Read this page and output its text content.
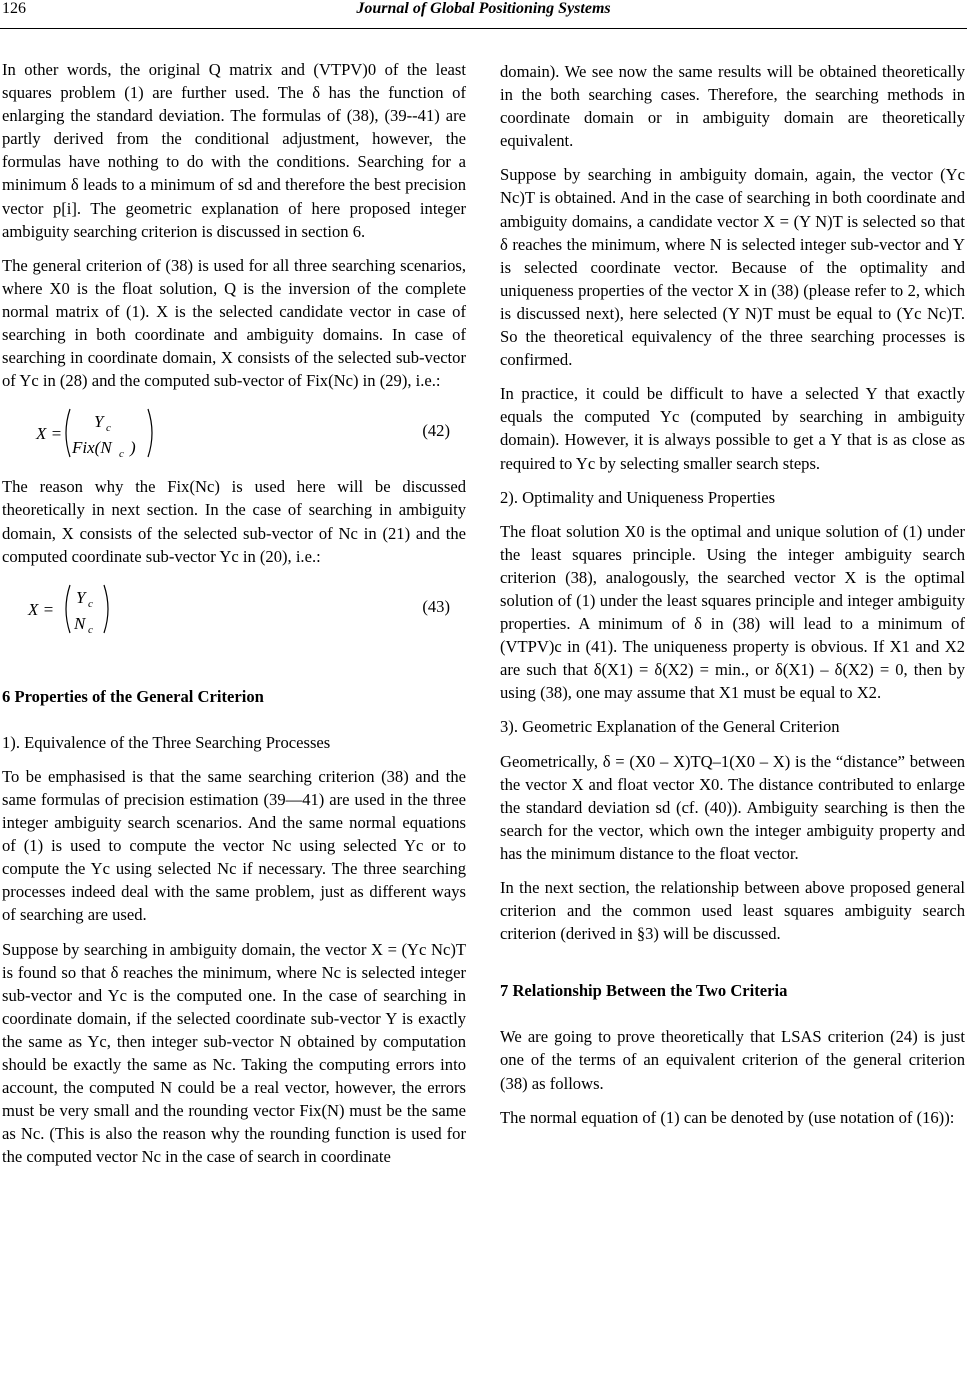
126	Journal of Global Positioning Systems

In other words, the original Q matrix and (VTPV)0 of the least squares problem (1) are further used. The δ has the function of enlarging the standard deviation. The formulas of (38), (39--41) are partly derived from the conditional adjustment, however, the formulas have nothing to do with the conditions. Searching for a minimum δ leads to a minimum of sd and therefore the best precision vector p[i]. The geometric explanation of here proposed integer ambiguity searching criterion is discussed in section 6.

The general criterion of (38) is used for all three searching scenarios, where X0 is the float solution, Q is the inversion of the complete normal matrix of (1). X is the selected candidate vector in case of searching in both coordinate and ambiguity domains. In case of searching in coordinate domain, X consists of the selected sub-vector of Yc in (28) and the computed sub-vector of Fix(Nc) in (29), i.e.:

X =
Y c
Fix(N c )
(42)

The reason why the Fix(Nc) is used here will be discussed theoretically in next section. In the case of searching in ambiguity domain, X consists of the selected sub-vector of Nc in (21) and the computed coordinate sub-vector Yc in (20), i.e.:

X =
Y c
N c
(43)
6 Properties of the General Criterion

1). Equivalence of the Three Searching Processes

To be emphasised is that the same searching criterion (38) and the same formulas of precision estimation (39—41) are used in the three integer ambiguity search scenarios. And the same normal equations of (1) is used to compute the vector Nc using selected Yc or to compute the Yc using selected Nc if necessary. The three searching processes indeed deal with the same problem, just as different ways of searching are used.

Suppose by searching in ambiguity domain, the vector X = (Yc Nc)T is found so that δ reaches the minimum, where Nc is selected integer sub-vector and Yc is the computed one. In the case of searching in coordinate domain, if the selected coordinate sub-vector Y is exactly the same as Yc, then integer sub-vector N obtained by computation should be exactly the same as Nc. Taking the computing errors into account, the computed N could be a real vector, however, the errors must be very small and the rounding vector Fix(N) must be the same as Nc. (This is also the reason why the rounding function is used for the computed vector Nc in the case of search in coordinate

domain). We see now the same results will be obtained theoretically in the both searching cases. Therefore, the searching methods in coordinate domain or in ambiguity domain are theoretically equivalent.

Suppose by searching in ambiguity domain, again, the vector (Yc Nc)T is obtained. And in the case of searching in both coordinate and ambiguity domains, a candidate vector X = (Y N)T is selected so that δ reaches the minimum, where N is selected integer sub-vector and Y is selected coordinate vector. Because of the optimality and uniqueness properties of the vector X in (38) (please refer to 2, which is discussed next), here selected (Y N)T must be equal to (Yc Nc)T. So the theoretical equivalency of the three searching processes is confirmed.

In practice, it could be difficult to have a selected Y that exactly equals the computed Yc (computed by searching in ambiguity domain). However, it is always possible to get a Y that is as close as required to Yc by selecting smaller search steps.

2). Optimality and Uniqueness Properties

The float solution X0 is the optimal and unique solution of (1) under the least squares principle. Using the integer ambiguity search criterion (38), analogously, the searched vector X is the optimal solution of (1) under the least squares principle and integer ambiguity properties. A minimum of δ in (38) will lead to a minimum of (VTPV)c in (41). The uniqueness property is obvious. If X1 and X2 are such that δ(X1) = δ(X2) = min., or δ(X1) – δ(X2) = 0, then by using (38), one may assume that X1 must be equal to X2.

3). Geometric Explanation of the General Criterion

Geometrically, δ = (X0 – X)TQ–1(X0 – X) is the “distance” between the vector X and float vector X0. The distance contributed to enlarge the standard deviation sd (cf. (40)). Ambiguity searching is then the search for the vector, which own the integer ambiguity property and has the minimum distance to the float vector.

In the next section, the relationship between above proposed general criterion and the common used least squares ambiguity search criterion (derived in §3) will be discussed.

7 Relationship Between the Two Criteria

We are going to prove theoretically that LSAS criterion (24) is just one of the terms of an equivalent criterion of the general criterion (38) as follows.

The normal equation of (1) can be denoted by (use notation of (16)):
